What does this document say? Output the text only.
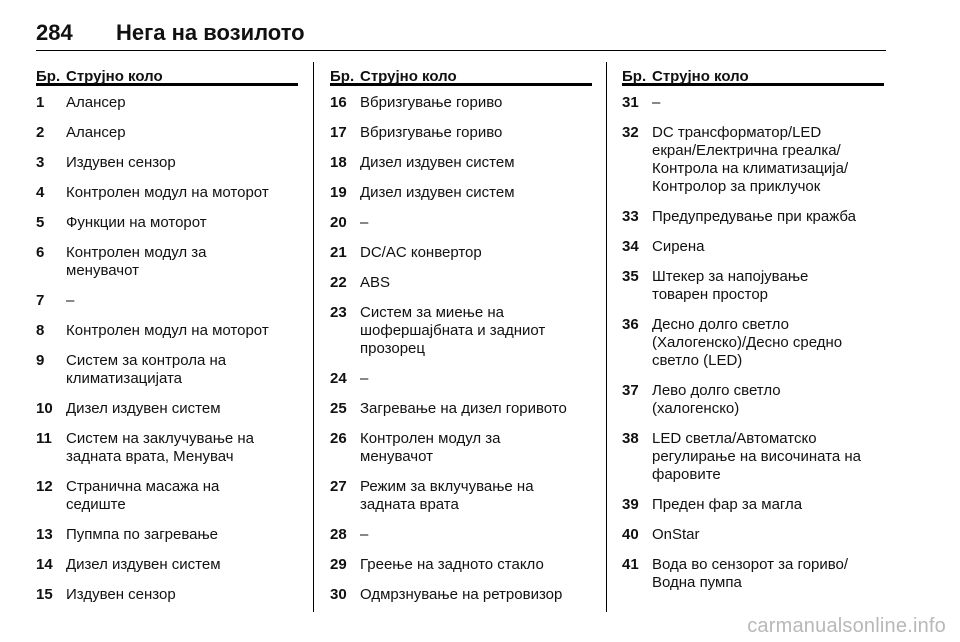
284	Нега на возилото
Бр. Струјно коло
1	Алансер
2	Алансер
3	Издувен сензор
4	Контролен модул на моторот
5	Функции на моторот
6	Контролен модул за
менувачот
7	–
8	Контролен модул на моторот
9	Систем за контрола на
климатизацијата
10 Дизел издувен систем
11 Систем на заклучување на
задната врата, Менувач
12 Странична масажа на
седиште
13 Пупмпа по загревање
14 Дизел издувен систем
15 Издувен сензор
Бр. Струјно коло
16 Вбризгување гориво
17 Вбризгување гориво
18 Дизел издувен систем
19 Дизел издувен систем
20 –
21 DC/AC конвертор
22 ABS
23 Систем за миење на
шофершајбната и задниот
прозорец
24 –
25 Загревање на дизел горивото
26 Контролен модул за
менувачот
27 Режим за вклучување на
задната врата
28 –
29 Греење на задното стакло
30 Одмрзнување на ретровизор
Бр. Струјно коло
31 –
32 DC трансформатор/LED
екран/Електрична греалка/
Контрола на климатизација/
Контролор за приклучок
33 Предупредување при кражба
34 Сирена
35 Штекер за напојување
товарен простор
36 Десно долго светло
(Халогенско)/Десно средно
светло (LED)
37 Лево долго светло
(халогенско)
38 LED светла/Автоматско
регулирање на височината на
фаровите
39 Преден фар за магла
40 OnStar
41 Вода во сензорот за гориво/
Водна пумпа
carmanualsonline.info
